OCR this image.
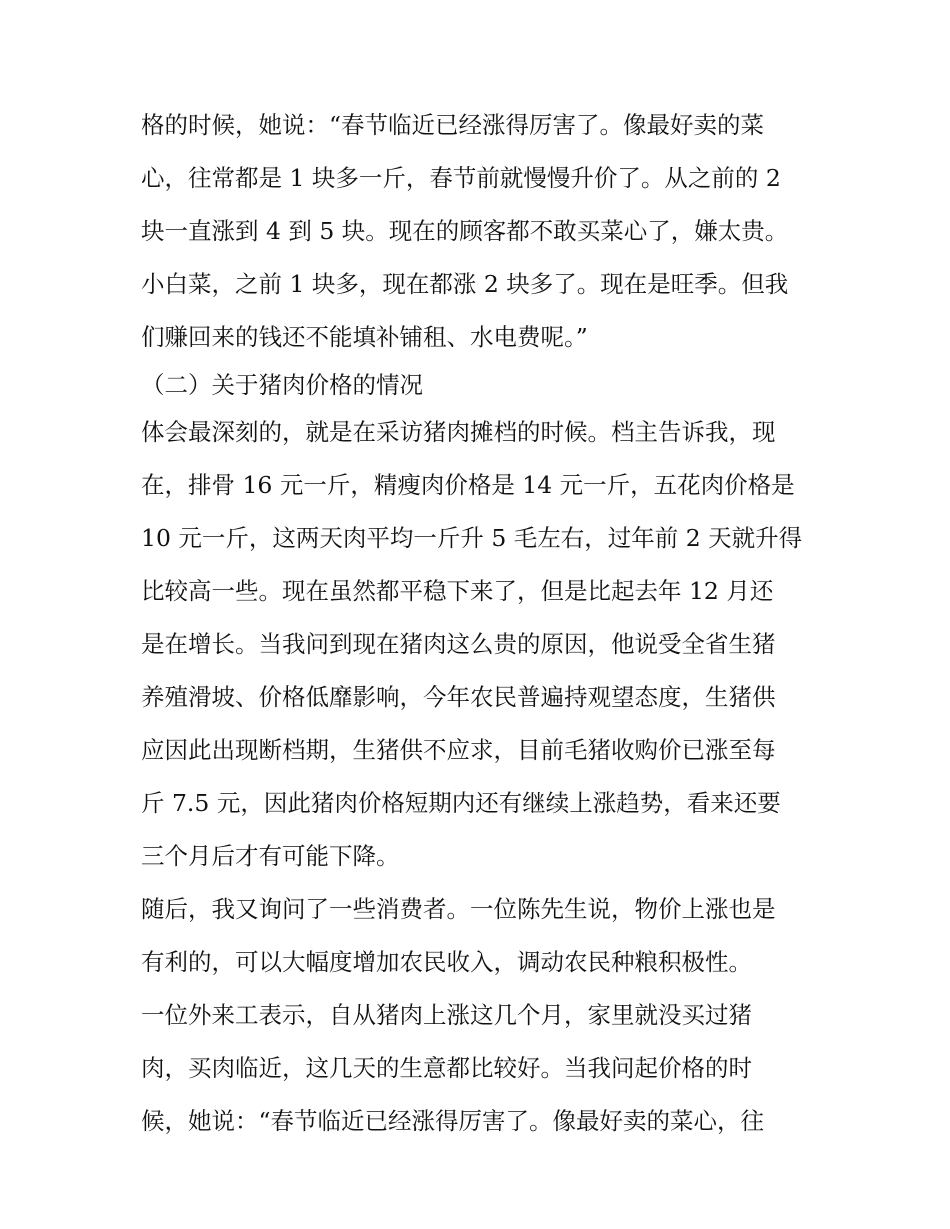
格的时候，她说：“春节临近已经涨得厉害了。像最好卖的菜
心，往常都是 1 块多一斤，春节前就慢慢升价了。从之前的 2
块一直涨到 4 到 5 块。现在的顾客都不敢买菜心了，嫌太贵。
小白菜，之前 1 块多，现在都涨 2 块多了。现在是旺季。但我
们赚回来的钱还不能填补铺租、水电费呢。”
（二）关于猪肉价格的情况
体会最深刻的，就是在采访猪肉摊档的时候。档主告诉我，现
在，排骨 16 元一斤，精瘦肉价格是 14 元一斤，五花肉价格是
10 元一斤，这两天肉平均一斤升 5 毛左右，过年前 2 天就升得
比较高一些。现在虽然都平稳下来了，但是比起去年 12 月还
是在增长。当我问到现在猪肉这么贵的原因，他说受全省生猪
养殖滑坡、价格低靡影响，今年农民普遍持观望态度，生猪供
应因此出现断档期，生猪供不应求，目前毛猪收购价已涨至每
斤 7.5 元，因此猪肉价格短期内还有继续上涨趋势，看来还要
三个月后才有可能下降。
随后，我又询问了一些消费者。一位陈先生说，物价上涨也是
有利的，可以大幅度增加农民收入，调动农民种粮积极性。
一位外来工表示，自从猪肉上涨这几个月，家里就没买过猪
肉，买肉临近，这几天的生意都比较好。当我问起价格的时
候，她说：“春节临近已经涨得厉害了。像最好卖的菜心，往
